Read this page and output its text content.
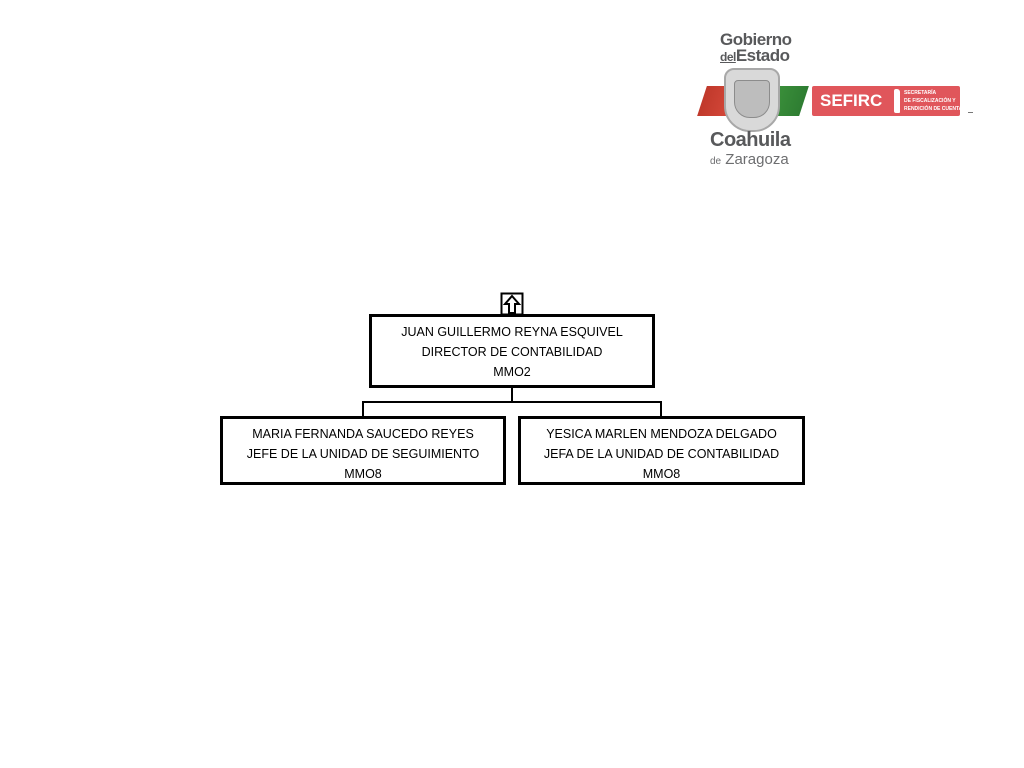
Gobierno
delEstado
Coahuila
de Zaragoza
SEFIRC	SECRETARÍA
DE FISCALIZACIÓN Y
RENDICIÓN DE CUENTAS
JUAN GUILLERMO REYNA ESQUIVEL
DIRECTOR DE CONTABILIDAD
MMO2
MARIA FERNANDA SAUCEDO REYES
JEFE DE LA UNIDAD DE SEGUIMIENTO
MMO8
YESICA MARLEN MENDOZA DELGADO
JEFA DE LA UNIDAD DE CONTABILIDAD
MMO8
